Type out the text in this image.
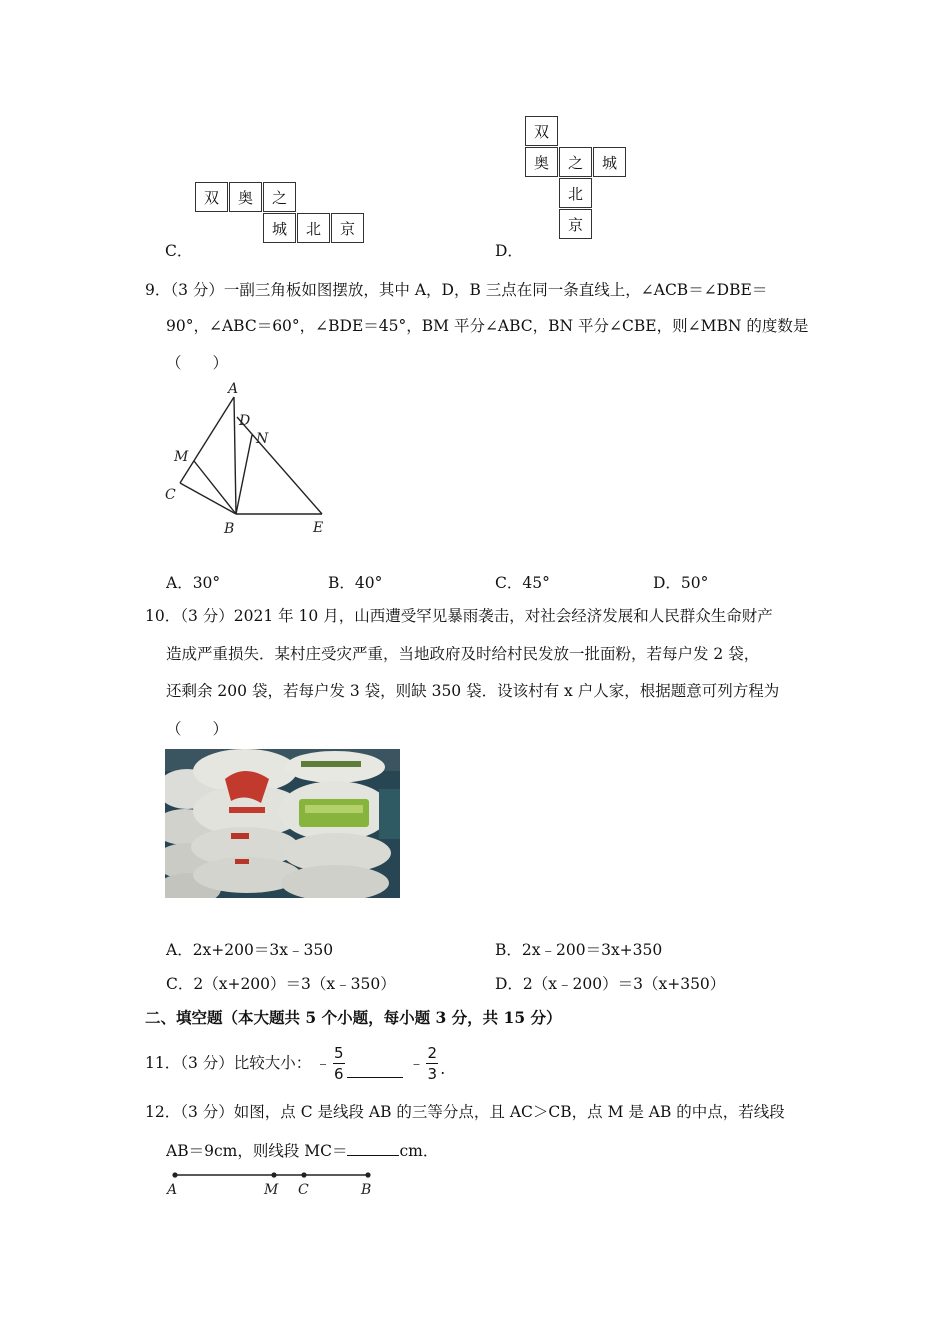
C．
双	奥	之
城	北	京
D．
双
奥	之	城
北
京
9．（3 分）一副三角板如图摆放，其中 A，D，B 三点在同一条直线上，∠ACB＝∠DBE＝
90°，∠ABC＝60°，∠BDE＝45°，BM 平分∠ABC，BN 平分∠CBE，则∠MBN 的度数是
（　　）
A
D
N
M
C
B	E
A．30°	B．40°	C．45°	D．50°
10．（3 分）2021 年 10 月，山西遭受罕见暴雨袭击，对社会经济发展和人民群众生命财产
造成严重损失．某村庄受灾严重，当地政府及时给村民发放一批面粉，若每户发 2 袋，
还剩余 200 袋，若每户发 3 袋，则缺 350 袋．设该村有 x 户人家，根据题意可列方程为
（　　）
A．2x+200＝3x﹣350	B．2x﹣200＝3x+350
C．2（x+200）＝3（x﹣350）	D．2（x﹣200）＝3（x+350）
二、填空题（本大题共 5 个小题，每小题 3 分，共 15 分）
11．（3 分）比较大小： ﹣ $\frac{5}{6}$	﹣ $\frac{2}{3}$ .
12．（3 分）如图，点 C 是线段 AB 的三等分点，且 AC＞CB，点 M 是 AB 的中点，若线段
AB＝9cm，则线段 MC＝	cm．
A	M C	B
